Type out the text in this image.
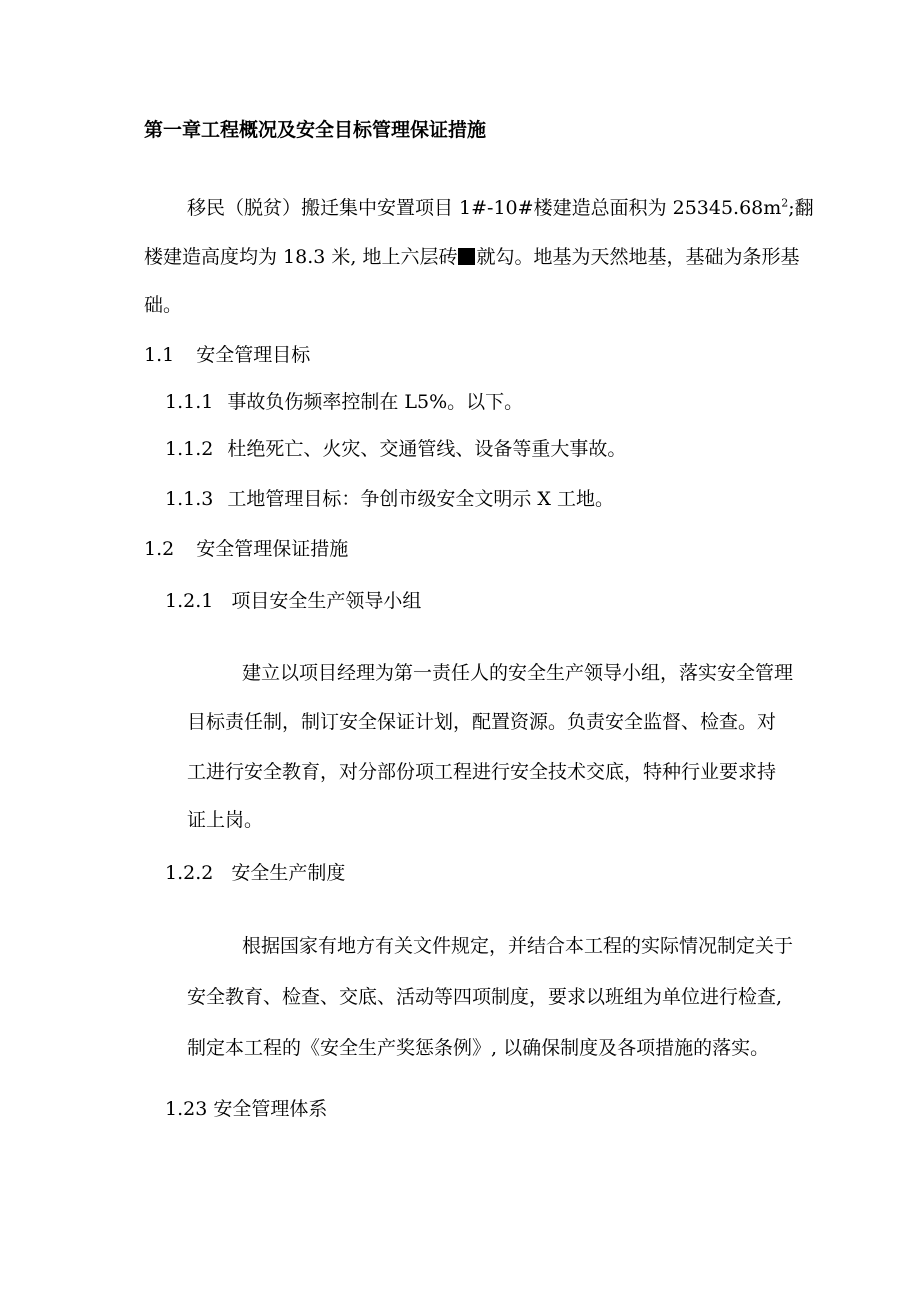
第一章工程概况及安全目标管理保证措施
移民（脱贫）搬迁集中安置项目 1#-10#楼建造总面积为 $25345.68m^2$;翻
楼建造高度均为 18.3 米, 地上六层砖 就勾。地基为天然地基，基础为条形基
础。
1.1 安全管理目标
1.1.1 事故负伤频率控制在 L5%。以下。
1.1.2 杜绝死亡、火灾、交通管线、设备等重大事故。
1.1.3 工地管理目标：争创市级安全文明示 X 工地。
1.2 安全管理保证措施
1.2.1 项目安全生产领导小组
建立以项目经理为第一责任人的安全生产领导小组，落实安全管理
目标责任制，制订安全保证计划，配置资源。负责安全监督、检查。对
工进行安全教育，对分部份项工程进行安全技术交底，特种行业要求持
证上岗。
1.2.2 安全生产制度
根据国家有地方有关文件规定，并结合本工程的实际情况制定关于
安全教育、检查、交底、活动等四项制度，要求以班组为单位进行检查,
制定本工程的《安全生产奖惩条例》, 以确保制度及各项措施的落实。
1.23 安全管理体系
